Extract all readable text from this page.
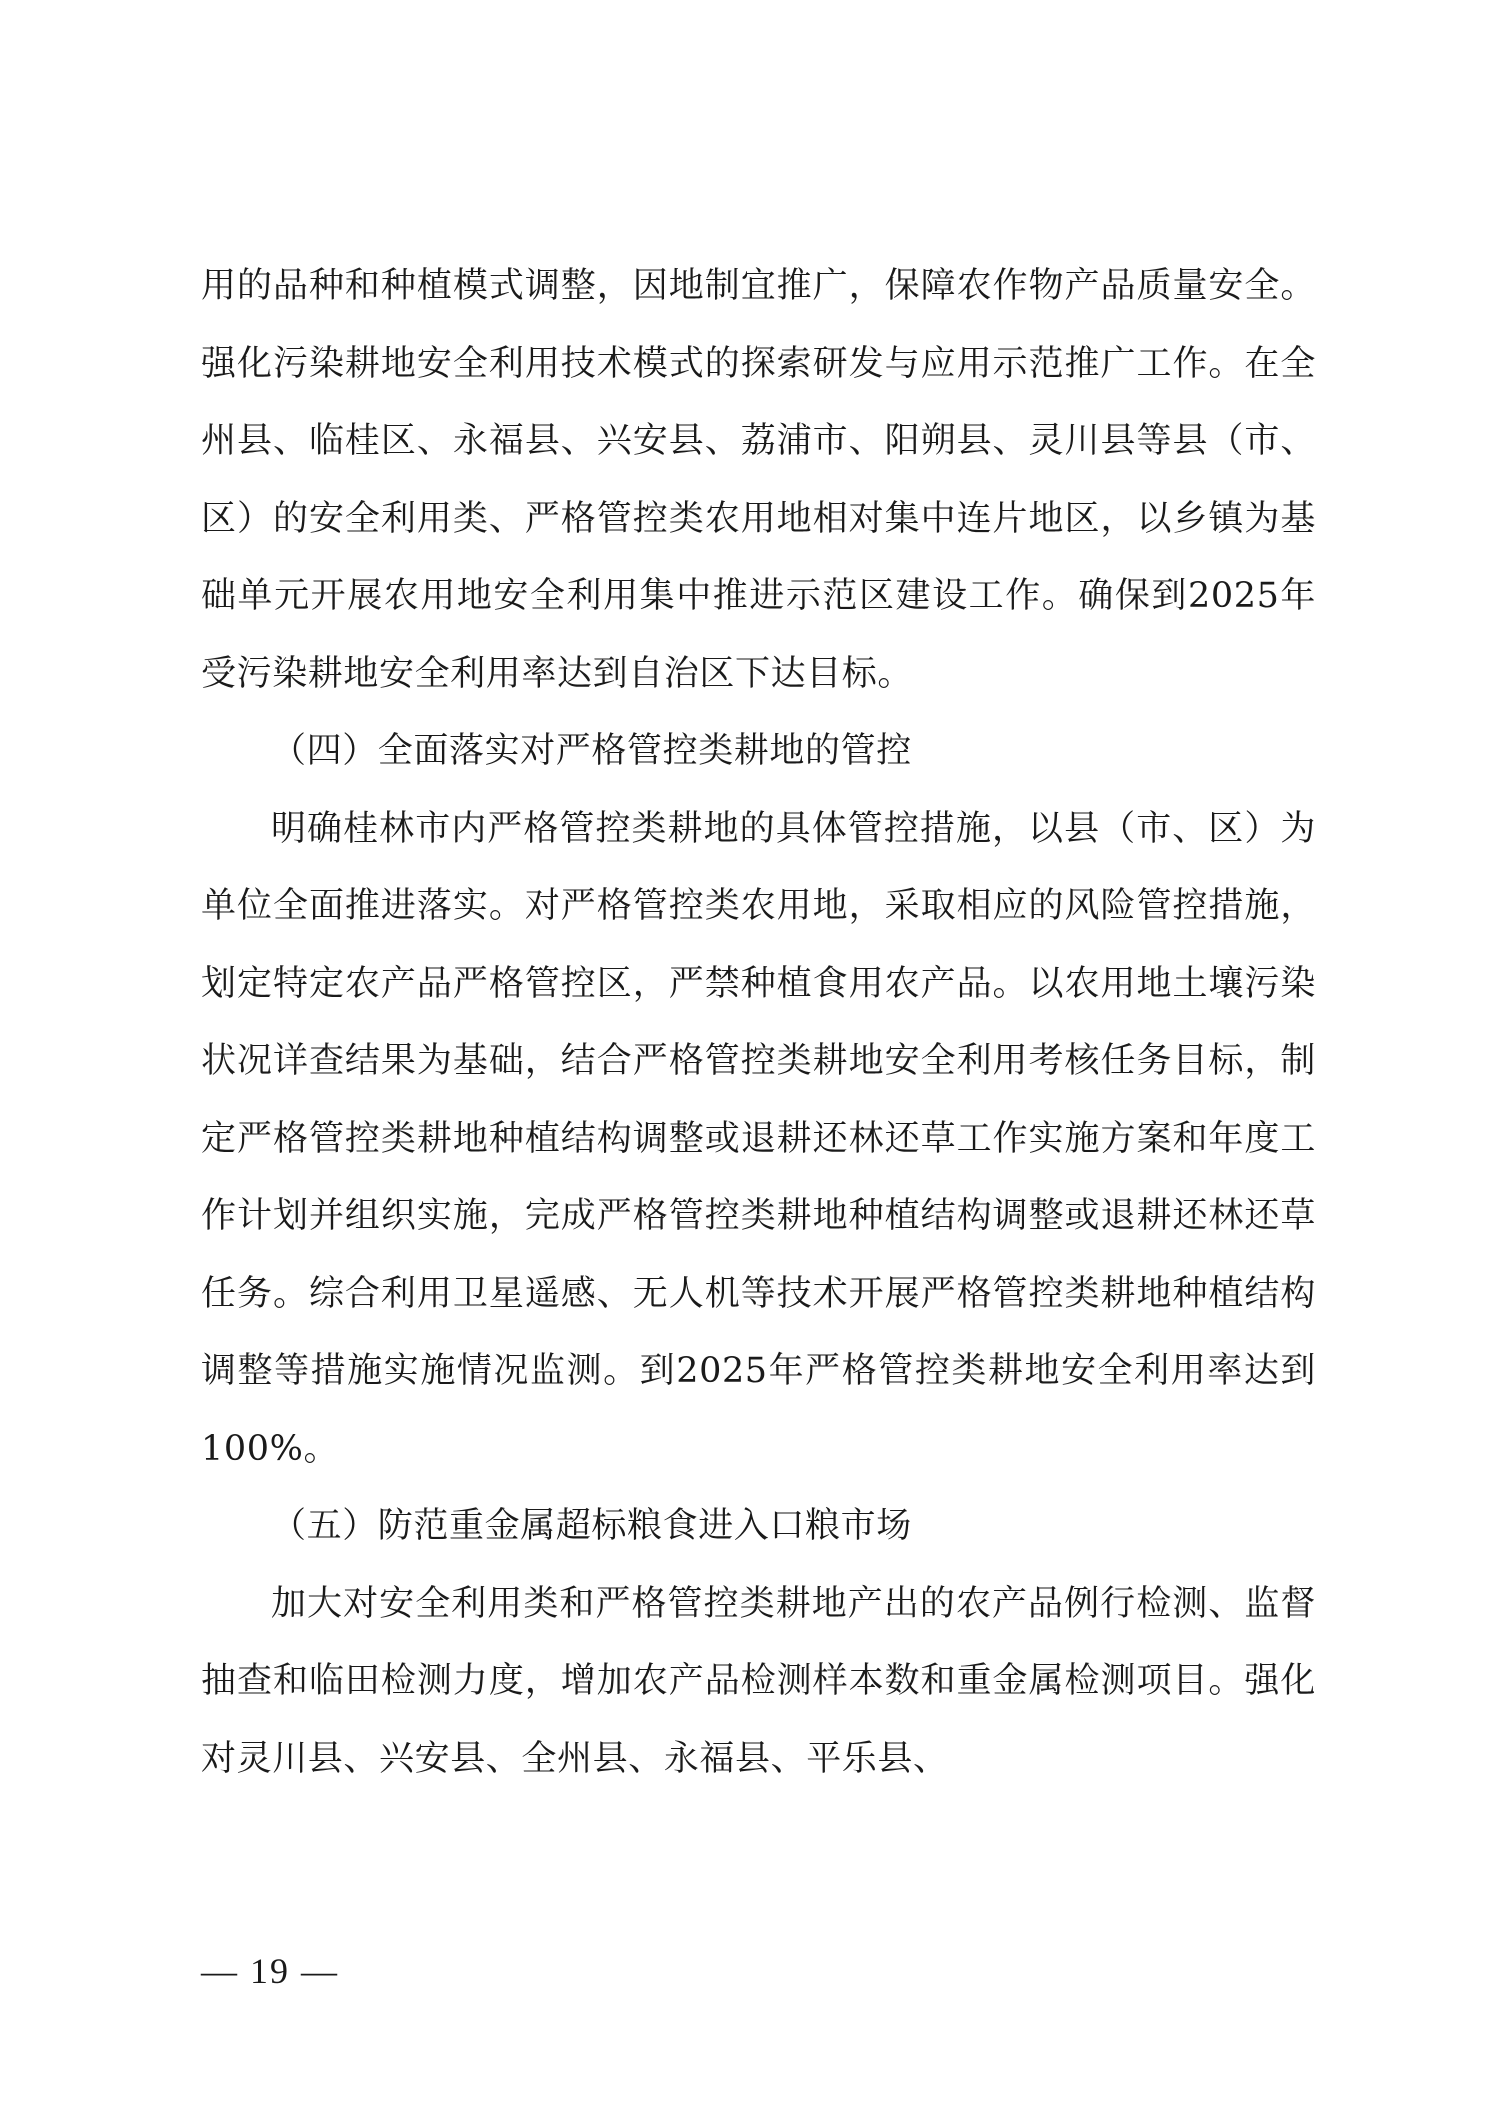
用的品种和种植模式调整，因地制宜推广，保障农作物产品质量安全。强化污染耕地安全利用技术模式的探索研发与应用示范推广工作。在全州县、临桂区、永福县、兴安县、荔浦市、阳朔县、灵川县等县（市、区）的安全利用类、严格管控类农用地相对集中连片地区，以乡镇为基础单元开展农用地安全利用集中推进示范区建设工作。确保到2025年受污染耕地安全利用率达到自治区下达目标。

（四）全面落实对严格管控类耕地的管控

明确桂林市内严格管控类耕地的具体管控措施，以县（市、区）为单位全面推进落实。对严格管控类农用地，采取相应的风险管控措施，划定特定农产品严格管控区，严禁种植食用农产品。以农用地土壤污染状况详查结果为基础，结合严格管控类耕地安全利用考核任务目标，制定严格管控类耕地种植结构调整或退耕还林还草工作实施方案和年度工作计划并组织实施，完成严格管控类耕地种植结构调整或退耕还林还草任务。综合利用卫星遥感、无人机等技术开展严格管控类耕地种植结构调整等措施实施情况监测。到2025年严格管控类耕地安全利用率达到100%。

（五）防范重金属超标粮食进入口粮市场

加大对安全利用类和严格管控类耕地产出的农产品例行检测、监督抽查和临田检测力度，增加农产品检测样本数和重金属检测项目。强化对灵川县、兴安县、全州县、永福县、平乐县、

— 19 —
